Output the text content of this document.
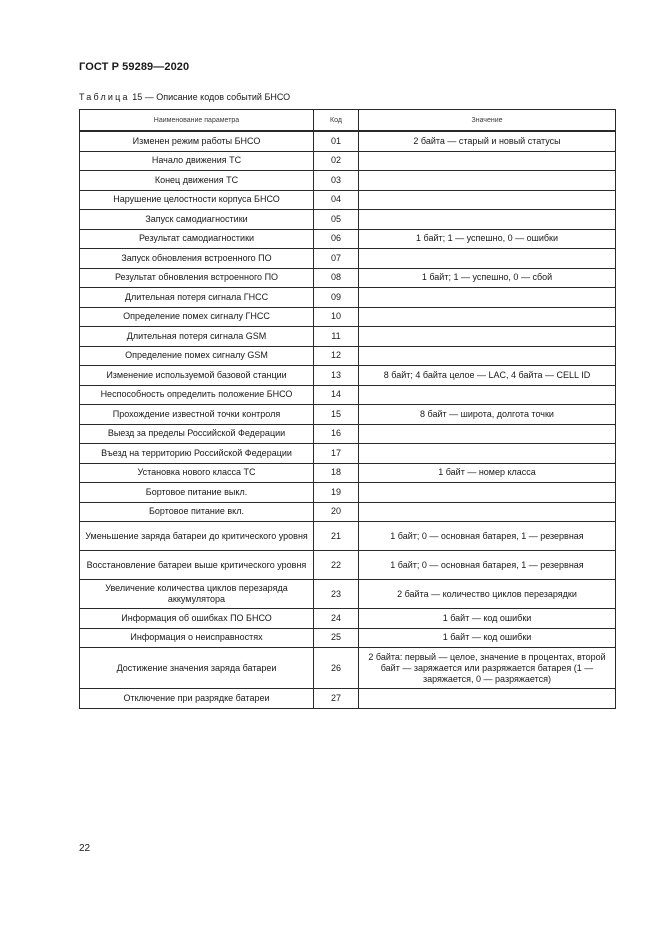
ГОСТ Р 59289—2020
Таблица 15 — Описание кодов событий БНСО
Наименование параметра	Код	Значение
Изменен режим работы БНСО	01	2 байта — старый и новый статусы
Начало движения ТС	02	
Конец движения ТС	03	
Нарушение целостности корпуса БНСО	04	
Запуск самодиагностики	05	
Результат самодиагностики	06	1 байт; 1 — успешно, 0 — ошибки
Запуск обновления встроенного ПО	07	
Результат обновления встроенного ПО	08	1 байт; 1 — успешно, 0 — сбой
Длительная потеря сигнала ГНСС	09	
Определение помех сигналу ГНСС	10	
Длительная потеря сигнала GSM	11	
Определение помех сигналу GSM	12	
Изменение используемой базовой станции	13	8 байт; 4 байта целое — LAC, 4 байта — CELL ID
Неспособность определить положение БНСО	14	
Прохождение известной точки контроля	15	8 байт — широта, долгота точки
Выезд за пределы Российской Федерации	16	
Въезд на территорию Российской Федерации	17	
Установка нового класса ТС	18	1 байт — номер класса
Бортовое питание выкл.	19	
Бортовое питание вкл.	20	
Уменьшение заряда батареи до критического уровня	21	1 байт; 0 — основная батарея, 1 — резервная
Восстановление батареи выше критического уровня	22	1 байт; 0 — основная батарея, 1 — резервная
Увеличение количества циклов перезаряда аккумулятора	23	2 байта — количество циклов перезарядки
Информация об ошибках ПО БНСО	24	1 байт — код ошибки
Информация о неисправностях	25	1 байт — код ошибки
Достижение значения заряда батареи	26	2 байта: первый — целое, значение в процентах, второй байт — заряжается или разряжается батарея (1 — заряжается, 0 — разряжается)
Отключение при разрядке батареи	27	
22
